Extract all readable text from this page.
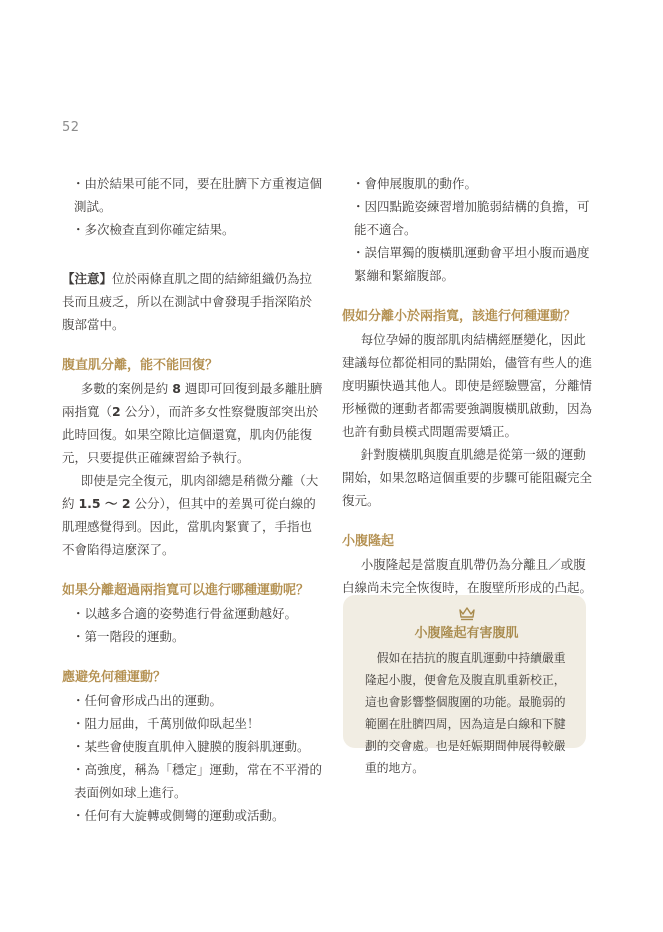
52

・ 由於結果可能不同，要在肚臍下方重複這個測試。

・ 多次檢查直到你確定結果。

【注意】位於兩條直肌之間的結締組織仍為拉長而且疲乏，所以在測試中會發現手指深陷於腹部當中。

腹直肌分離，能不能回復？

多數的案例是約 8 週即可回復到最多離肚臍兩指寬（2 公分），而許多女性察覺腹部突出於此時回復。如果空隙比這個還寬，肌肉仍能復元，只要提供正確練習給予執行。

即使是完全復元，肌肉卻總是稍微分離（大約 1.5 ～ 2 公分），但其中的差異可從白線的肌理感覺得到。因此，當肌肉緊實了，手指也不會陷得這麼深了。

如果分離超過兩指寬可以進行哪種運動呢？

・ 以越多合適的姿勢進行骨盆運動越好。

・ 第一階段的運動。

應避免何種運動？

・ 任何會形成凸出的運動。

・ 阻力屈曲，千萬別做仰臥起坐！

・ 某些會使腹直肌伸入腱膜的腹斜肌運動。

・ 高強度，稱為「穩定」運動，常在不平滑的表面例如球上進行。

・ 任何有大旋轉或側彎的運動或活動。

・ 會伸展腹肌的動作。

・ 因四點跪姿練習增加脆弱結構的負擔，可能不適合。

・ 誤信單獨的腹橫肌運動會平坦小腹而過度緊繃和緊縮腹部。

假如分離小於兩指寬，該進行何種運動？

每位孕婦的腹部肌肉結構經歷變化，因此建議每位都從相同的點開始，儘管有些人的進度明顯快過其他人。即使是經驗豐富，分離情形極微的運動者都需要強調腹橫肌啟動，因為也許有動員模式問題需要矯正。

針對腹橫肌與腹直肌總是從第一級的運動開始，如果忽略這個重要的步驟可能阻礙完全復元。

小腹隆起

小腹隆起是當腹直肌帶仍為分離且／或腹白線尚未完全恢復時，在腹壁所形成的凸起。

小腹隆起有害腹肌

假如在拮抗的腹直肌運動中持續嚴重隆起小腹，便會危及腹直肌重新校正，這也會影響整個腹圍的功能。最脆弱的範圍在肚臍四周，因為這是白線和下腱劃的交會處。也是妊娠期間伸展得較嚴重的地方。
